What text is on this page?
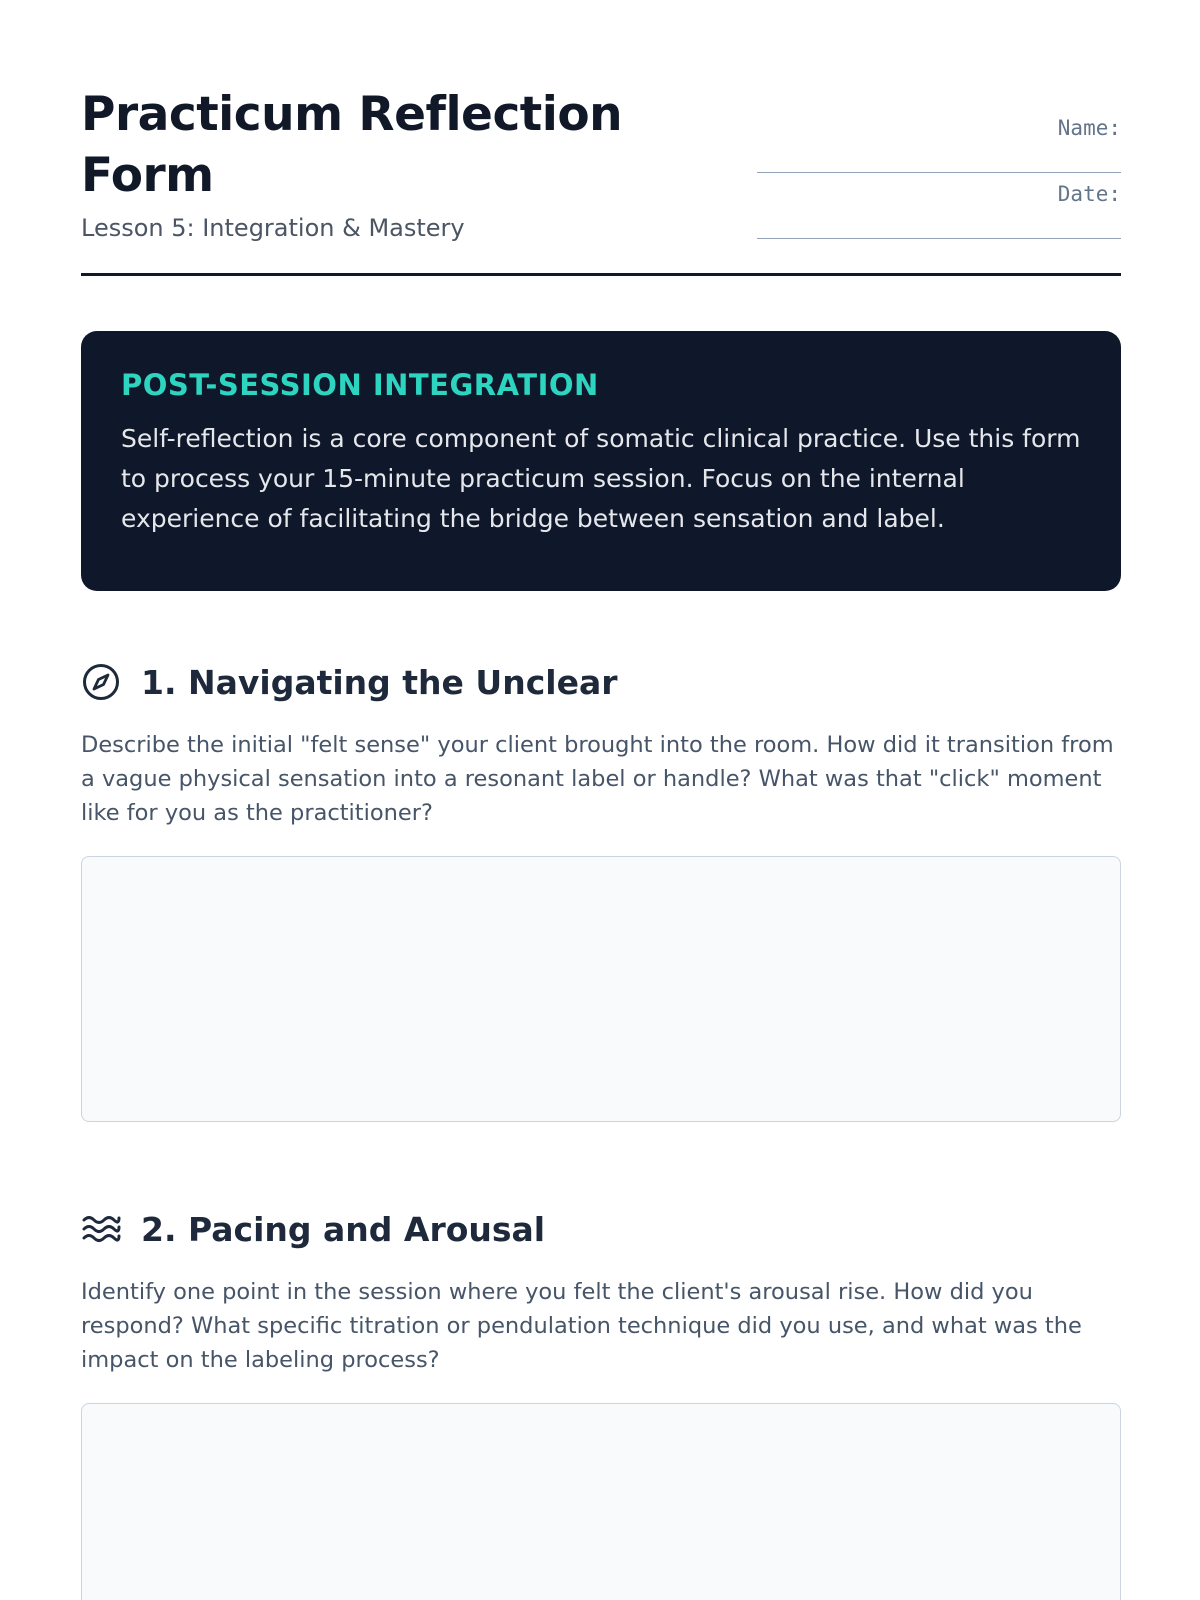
Practicum Reflection Form
Lesson 5: Integration & Mastery
Name:
Date:
POST-SESSION INTEGRATION

Self-reflection is a core component of somatic clinical practice. Use this form to process your 15-minute practicum session. Focus on the internal experience of facilitating the bridge between sensation and label.

1. Navigating the Unclear

Describe the initial "felt sense" your client brought into the room. How did it transition from a vague physical sensation into a resonant label or handle? What was that "click" moment like for you as the practitioner?

2. Pacing and Arousal

Identify one point in the session where you felt the client's arousal rise. How did you respond? What specific titration or pendulation technique did you use, and what was the impact on the labeling process?
